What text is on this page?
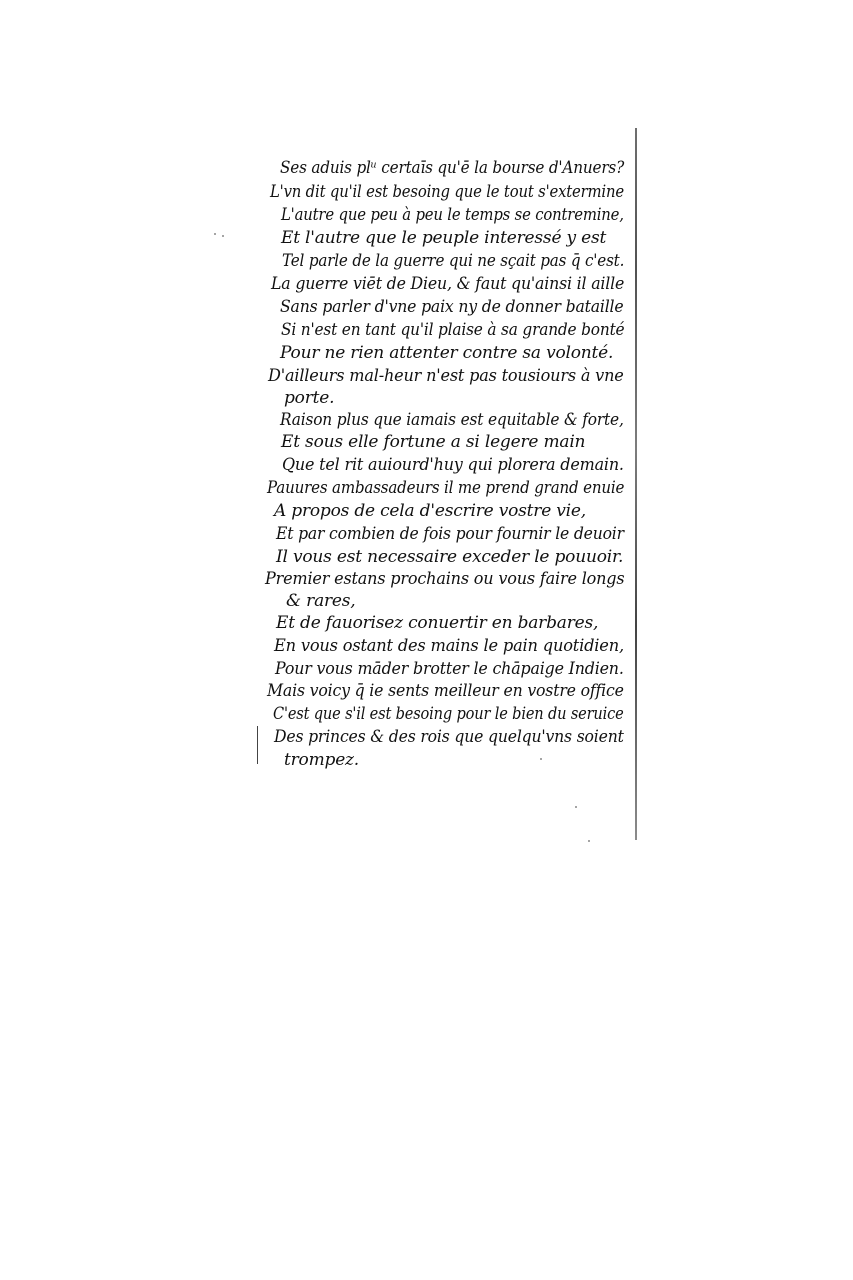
Ses aduis plᵘ certaīs qu'ē la bourse d'Anuers?
L'vn dit qu'il est besoing que le tout s'extermine
L'autre que peu à peu le temps se contremine,
Et l'autre que le peuple interessé y est
Tel parle de la guerre qui ne sçait pas q̄ c'est.
La guerre viēt de Dieu, & faut qu'ainsi il aille
Sans parler d'vne paix ny de donner bataille
Si n'est en tant qu'il plaise à sa grande bonté
Pour ne rien attenter contre sa volonté.
D'ailleurs mal-heur n'est pas tousiours à vne
porte.
Raison plus que iamais est equitable & forte,
Et sous elle fortune a si legere main
Que tel rit auiourd'huy qui plorera demain.
Pauures ambassadeurs il me prend grand enuie
A propos de cela d'escrire vostre vie,
Et par combien de fois pour fournir le deuoir
Il vous est necessaire exceder le pouuoir.
Premier estans prochains ou vous faire longs
& rares,
Et de fauorisez conuertir en barbares,
En vous ostant des mains le pain quotidien,
Pour vous māder brotter le chāpaige Indien.
Mais voicy q̄ ie sents meilleur en vostre office
C'est que s'il est besoing pour le bien du seruice
Des princes & des rois que quelqu'vns soient
trompez.
